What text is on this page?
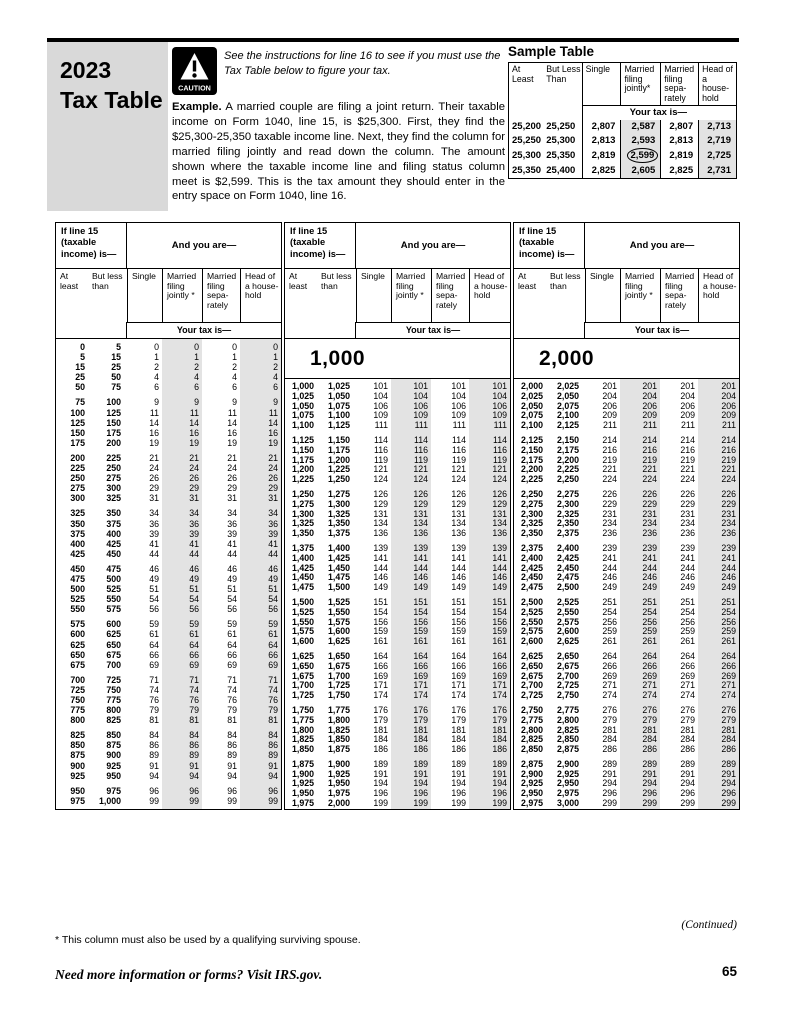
2023
Tax Table	CAUTION
See the instructions for line 16 to see if you must use the Tax Table below to figure your tax.
Example. A married couple are filing a joint return. Their taxable income on Form 1040, line 15, is $25,300. First, they find the $25,300-25,350 taxable income line. Next, they find the column for married filing jointly and read down the column. The amount shown where the taxable income line and filing status column meet is $2,599. This is the tax amount they should enter in the entry space on Form 1040, line 16.
Sample Table
At Least	But Less Than	Single	Married filing jointly*	Married filing sepa- rately	Head of a house- hold
		Your tax is—			
25,200	25,250	2,807	2,587	2,807	2,713
25,250	25,300	2,813	2,593	2,813	2,719
25,300	25,350	2,819	2,599	2,819	2,725
25,350	25,400	2,825	2,605	2,825	2,731
If line 15 (taxable income) is—
And you are—
At least
But less than
Single	Married filing jointly *
Married filing sepa- rately
Head of a house- hold
Your tax is—
0	5	0	0	0	0
5	15	1	1	1	1
15	25	2	2	2	2
25	50	4	4	4	4
50	75	6	6	6	6
75	100	9	9	9	9
100	125	11	11	11	11
125	150	14	14	14	14
150	175	16	16	16	16
175	200	19	19	19	19
200	225	21	21	21	21
225	250	24	24	24	24
250	275	26	26	26	26
275	300	29	29	29	29
300	325	31	31	31	31
325	350	34	34	34	34
350	375	36	36	36	36
375	400	39	39	39	39
400	425	41	41	41	41
425	450	44	44	44	44
450	475	46	46	46	46
475	500	49	49	49	49
500	525	51	51	51	51
525	550	54	54	54	54
550	575	56	56	56	56
575	600	59	59	59	59
600	625	61	61	61	61
625	650	64	64	64	64
650	675	66	66	66	66
675	700	69	69	69	69
700	725	71	71	71	71
725	750	74	74	74	74
750	775	76	76	76	76
775	800	79	79	79	79
800	825	81	81	81	81
825	850	84	84	84	84
850	875	86	86	86	86
875	900	89	89	89	89
900	925	91	91	91	91
925	950	94	94	94	94
950	975	96	96	96	96
975	1,000	99	99	99	99
If line 15 (taxable income) is—
And you are—
At least
But less than
Single	Married filing jointly *
Married filing sepa- rately
Head of a house- hold
Your tax is—
1,000
1,000	1,025	101	101	101	101
1,025	1,050	104	104	104	104
1,050	1,075	106	106	106	106
1,075	1,100	109	109	109	109
1,100	1,125	111	111	111	111
1,125	1,150	114	114	114	114
1,150	1,175	116	116	116	116
1,175	1,200	119	119	119	119
1,200	1,225	121	121	121	121
1,225	1,250	124	124	124	124
1,250	1,275	126	126	126	126
1,275	1,300	129	129	129	129
1,300	1,325	131	131	131	131
1,325	1,350	134	134	134	134
1,350	1,375	136	136	136	136
1,375	1,400	139	139	139	139
1,400	1,425	141	141	141	141
1,425	1,450	144	144	144	144
1,450	1,475	146	146	146	146
1,475	1,500	149	149	149	149
1,500	1,525	151	151	151	151
1,525	1,550	154	154	154	154
1,550	1,575	156	156	156	156
1,575	1,600	159	159	159	159
1,600	1,625	161	161	161	161
1,625	1,650	164	164	164	164
1,650	1,675	166	166	166	166
1,675	1,700	169	169	169	169
1,700	1,725	171	171	171	171
1,725	1,750	174	174	174	174
1,750	1,775	176	176	176	176
1,775	1,800	179	179	179	179
1,800	1,825	181	181	181	181
1,825	1,850	184	184	184	184
1,850	1,875	186	186	186	186
1,875	1,900	189	189	189	189
1,900	1,925	191	191	191	191
1,925	1,950	194	194	194	194
1,950	1,975	196	196	196	196
1,975	2,000	199	199	199	199
If line 15 (taxable income) is—
And you are—
At least
But less than
Single	Married filing jointly *
Married filing sepa- rately
Head of a house- hold
Your tax is—
2,000
2,000	2,025	201	201	201	201
2,025	2,050	204	204	204	204
2,050	2,075	206	206	206	206
2,075	2,100	209	209	209	209
2,100	2,125	211	211	211	211
2,125	2,150	214	214	214	214
2,150	2,175	216	216	216	216
2,175	2,200	219	219	219	219
2,200	2,225	221	221	221	221
2,225	2,250	224	224	224	224
2,250	2,275	226	226	226	226
2,275	2,300	229	229	229	229
2,300	2,325	231	231	231	231
2,325	2,350	234	234	234	234
2,350	2,375	236	236	236	236
2,375	2,400	239	239	239	239
2,400	2,425	241	241	241	241
2,425	2,450	244	244	244	244
2,450	2,475	246	246	246	246
2,475	2,500	249	249	249	249
2,500	2,525	251	251	251	251
2,525	2,550	254	254	254	254
2,550	2,575	256	256	256	256
2,575	2,600	259	259	259	259
2,600	2,625	261	261	261	261
2,625	2,650	264	264	264	264
2,650	2,675	266	266	266	266
2,675	2,700	269	269	269	269
2,700	2,725	271	271	271	271
2,725	2,750	274	274	274	274
2,750	2,775	276	276	276	276
2,775	2,800	279	279	279	279
2,800	2,825	281	281	281	281
2,825	2,850	284	284	284	284
2,850	2,875	286	286	286	286
2,875	2,900	289	289	289	289
2,900	2,925	291	291	291	291
2,925	2,950	294	294	294	294
2,950	2,975	296	296	296	296
2,975	3,000	299	299	299	299
* This column must also be used by a qualifying surviving spouse.
(Continued)
Need more information or forms? Visit IRS.gov.	65
